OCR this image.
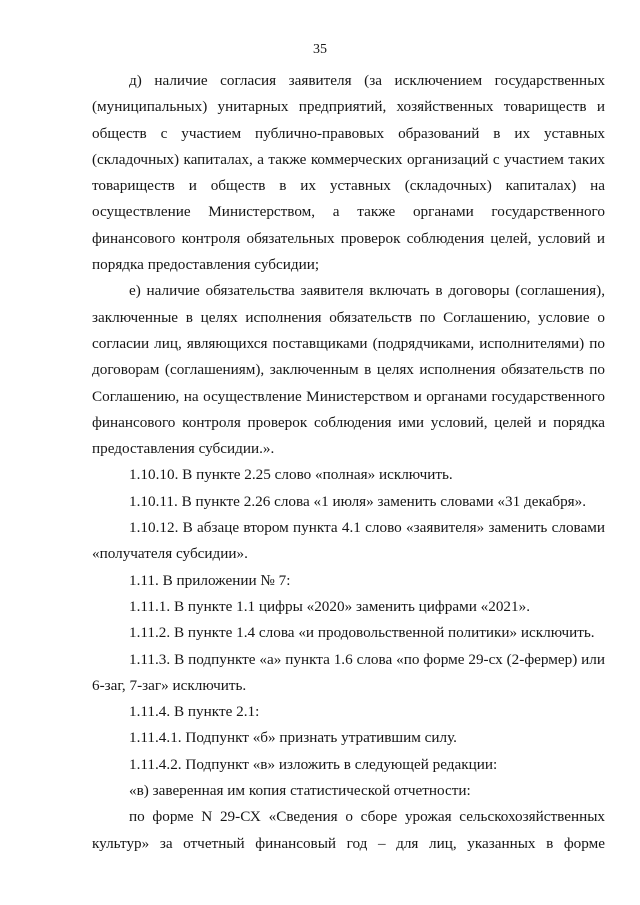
35

д) наличие согласия заявителя (за исключением государственных (муниципальных) унитарных предприятий, хозяйственных товариществ и обществ с участием публично-правовых образований в их уставных (складочных) капиталах, а также коммерческих организаций с участием таких товариществ и обществ в их уставных (складочных) капиталах) на осуществление Министерством, а также органами государственного финансового контроля обязательных проверок соблюдения целей, условий и порядка предоставления субсидии;

е) наличие обязательства заявителя включать в договоры (соглашения), заключенные в целях исполнения обязательств по Соглашению, условие о согласии лиц, являющихся поставщиками (подрядчиками, исполнителями) по договорам (соглашениям), заключенным в целях исполнения обязательств по Соглашению, на осуществление Министерством и органами государственного финансового контроля проверок соблюдения ими условий, целей и порядка предоставления субсидии.».

1.10.10. В пункте 2.25 слово «полная» исключить.

1.10.11. В пункте 2.26 слова «1 июля» заменить словами «31 декабря».

1.10.12. В абзаце втором пункта 4.1 слово «заявителя» заменить словами «получателя субсидии».

1.11. В приложении № 7:

1.11.1. В пункте 1.1 цифры «2020» заменить цифрами «2021».

1.11.2. В пункте 1.4 слова «и продовольственной политики» исключить.

1.11.3. В подпункте «а» пункта 1.6 слова «по форме 29-сх (2-фермер) или 6-заг, 7-заг» исключить.

1.11.4. В пункте 2.1:

1.11.4.1. Подпункт «б» признать утратившим силу.

1.11.4.2. Подпункт «в» изложить в следующей редакции:

«в) заверенная им копия статистической отчетности:

по форме N 29-СХ «Сведения о сборе урожая сельскохозяйственных культур» за отчетный финансовый год – для лиц, указанных в форме
